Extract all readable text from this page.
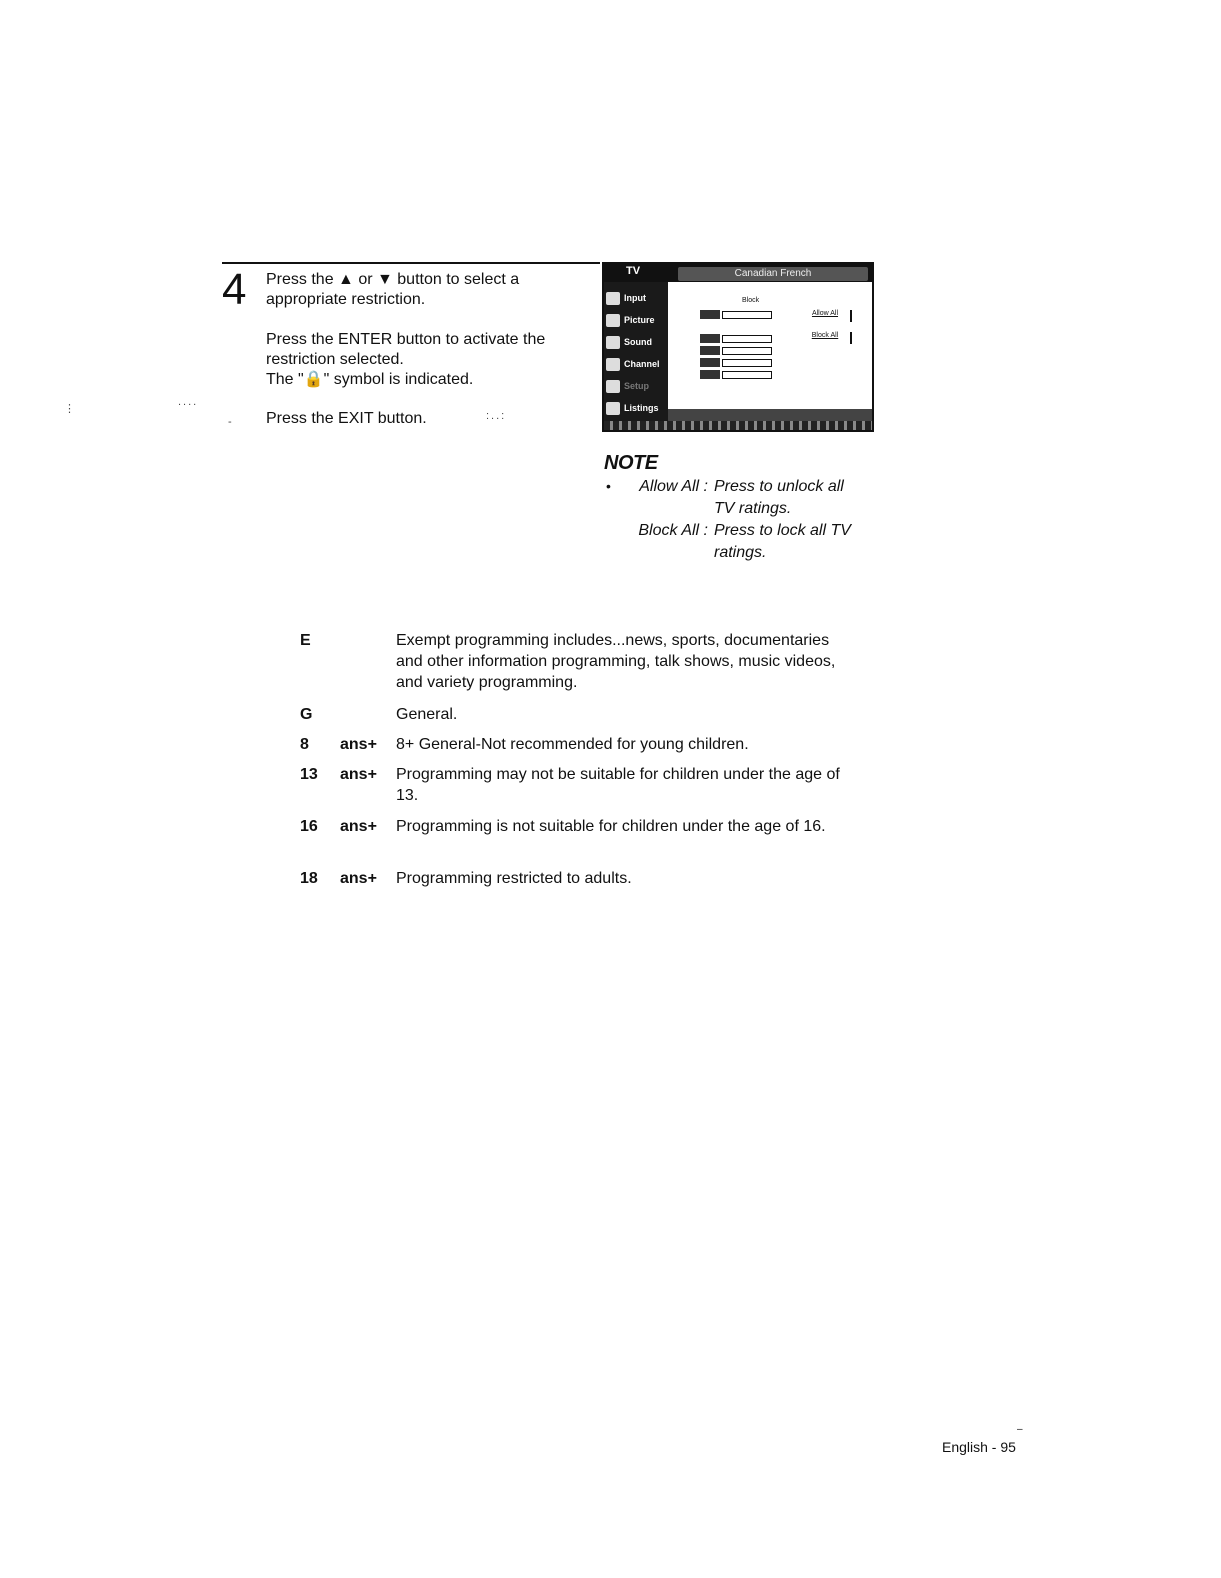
4 Press the ▲ or ▼ button to select a appropriate restriction.
Press the ENTER button to activate the restriction selected.
The "🔒" symbol is indicated.
Press the EXIT button.
⋮
....
-	:..:
TV	Canadian French
Input
Picture
Sound
Channel
Setup
Listings
Block
Allow All
Block All
NOTE
•	Allow All : Press to unlock all TV ratings.
Block All : Press to lock all TV ratings.
E	Exempt programming includes...news, sports, documentaries and other information programming, talk shows, music videos, and variety programming.
G	General.
8	ans+	8+ General-Not recommended for young children.
13	ans+	Programming may not be suitable for children under the age of 13.
16	ans+	Programming is not suitable for children under the age of 16.
18	ans+	Programming restricted to adults.
–
English - 95
